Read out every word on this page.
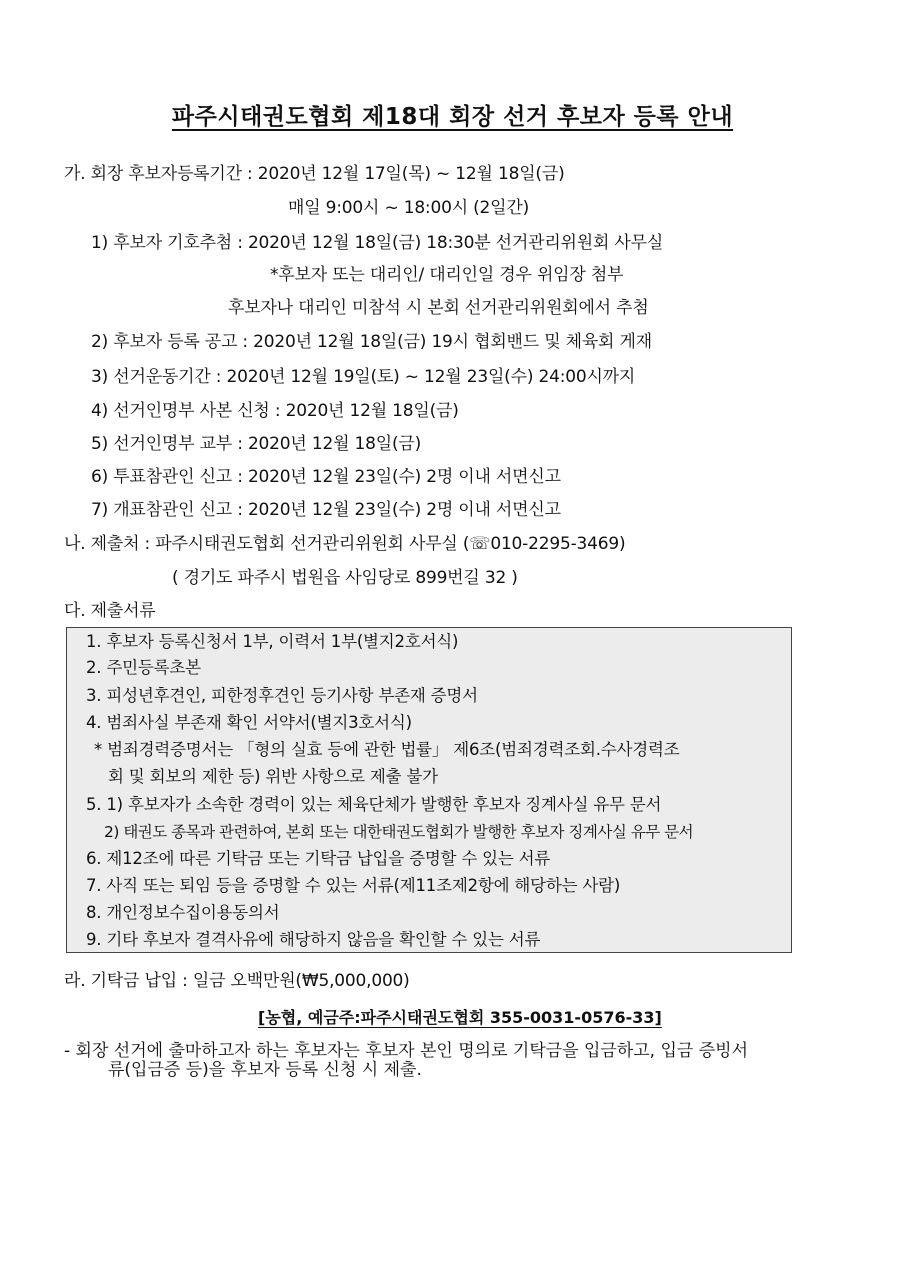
파주시태권도협회 제18대 회장 선거 후보자 등록 안내
가. 회장 후보자등록기간 : 2020년 12월 17일(목) ~ 12월 18일(금)
매일 9:00시 ~ 18:00시 (2일간)
1) 후보자 기호추첨 : 2020년 12월 18일(금) 18:30분 선거관리위원회 사무실
*후보자 또는 대리인/ 대리인일 경우 위임장 첨부
후보자나 대리인 미참석 시 본회 선거관리위원회에서 추첨
2) 후보자 등록 공고 : 2020년 12월 18일(금) 19시 협회밴드 및 체육회 게재
3) 선거운동기간 : 2020년 12월 19일(토) ~ 12월 23일(수) 24:00시까지
4) 선거인명부 사본 신청 : 2020년 12월 18일(금)
5) 선거인명부 교부 : 2020년 12월 18일(금)
6) 투표참관인 신고 : 2020년 12월 23일(수) 2명 이내 서면신고
7) 개표참관인 신고 : 2020년 12월 23일(수) 2명 이내 서면신고
나. 제출처 : 파주시태권도협회 선거관리위원회 사무실 (☏010-2295-3469)
( 경기도 파주시 법원읍 사임당로 899번길 32 )
다. 제출서류
1. 후보자 등록신청서 1부, 이력서 1부(별지2호서식)
2. 주민등록초본
3. 피성년후견인, 피한정후견인 등기사항 부존재 증명서
4. 범죄사실 부존재 확인 서약서(별지3호서식)
* 범죄경력증명서는 「형의 실효 등에 관한 법률」 제6조(범죄경력조회.수사경력조
회 및 회보의 제한 등) 위반 사항으로 제출 불가
5. 1) 후보자가 소속한 경력이 있는 체육단체가 발행한 후보자 징계사실 유무 문서
2) 태권도 종목과 관련하여, 본회 또는 대한태권도협회가 발행한 후보자 징계사실 유무 문서
6. 제12조에 따른 기탁금 또는 기탁금 납입을 증명할 수 있는 서류
7. 사직 또는 퇴임 등을 증명할 수 있는 서류(제11조제2항에 해당하는 사람)
8. 개인정보수집이용동의서
9. 기타 후보자 결격사유에 해당하지 않음을 확인할 수 있는 서류
라. 기탁금 납입 : 일금 오백만원(₩5,000,000)
[농협, 예금주:파주시태권도협회 355-0031-0576-33]
- 회장 선거에 출마하고자 하는 후보자는 후보자 본인 명의로 기탁금을 입금하고, 입금 증빙서
류(입금증 등)을 후보자 등록 신청 시 제출.
